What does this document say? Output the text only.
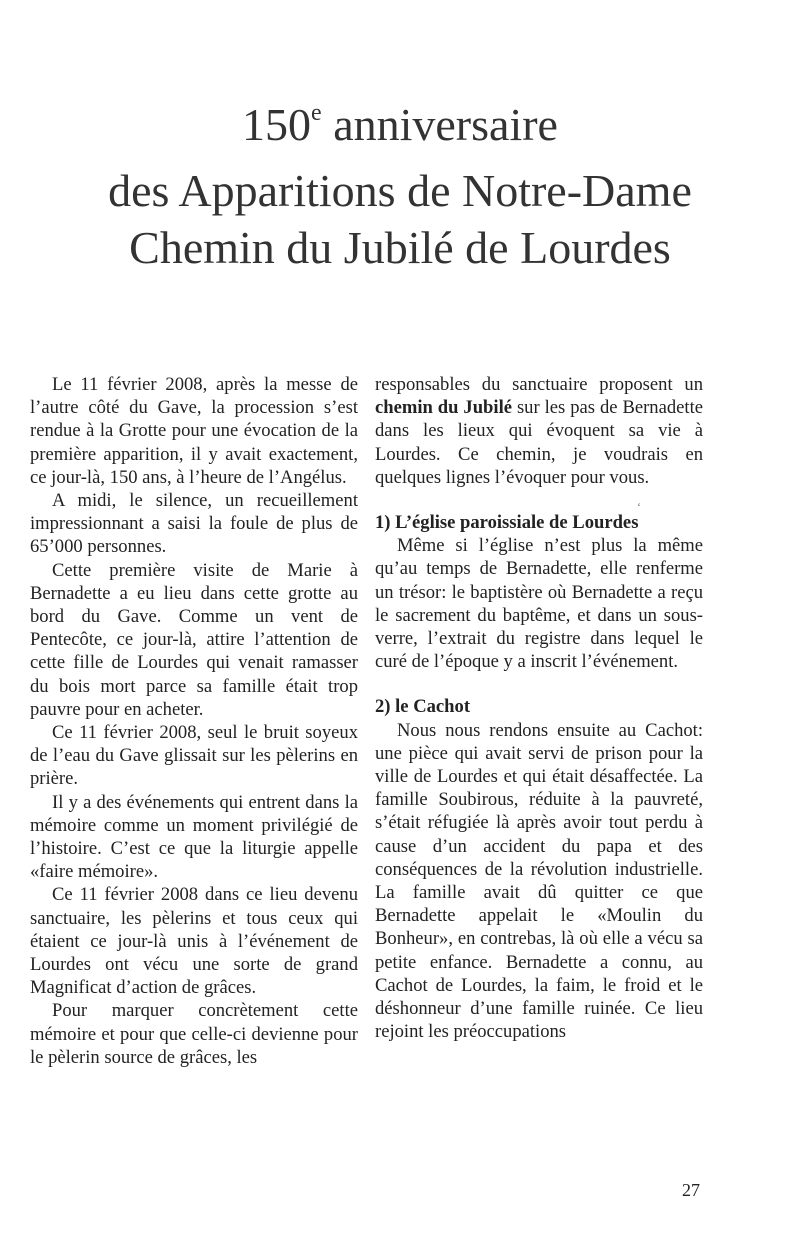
150e anniversaire
des Apparitions de Notre-Dame
Chemin du Jubilé de Lourdes

Le 11 février 2008, après la messe de l’autre côté du Gave, la procession s’est rendue à la Grotte pour une évocation de la première apparition, il y avait exactement, ce jour-là, 150 ans, à l’heure de l’Angélus.

A midi, le silence, un recueillement impressionnant a saisi la foule de plus de 65’000 personnes.

Cette première visite de Marie à Bernadette a eu lieu dans cette grotte au bord du Gave. Comme un vent de Pentecôte, ce jour-là, attire l’attention de cette fille de Lourdes qui venait ramasser du bois mort parce sa famille était trop pauvre pour en acheter.

Ce 11 février 2008, seul le bruit soyeux de l’eau du Gave glissait sur les pèlerins en prière.

Il y a des événements qui entrent dans la mémoire comme un moment privilégié de l’histoire. C’est ce que la liturgie appelle «faire mémoire».

Ce 11 février 2008 dans ce lieu devenu sanctuaire, les pèlerins et tous ceux qui étaient ce jour-là unis à l’événement de Lourdes ont vécu une sorte de grand Magnificat d’action de grâces.

Pour marquer concrètement cette mémoire et pour que celle-ci devienne pour le pèlerin source de grâces, les

responsables du sanctuaire proposent un chemin du Jubilé sur les pas de Bernadette dans les lieux qui évoquent sa vie à Lourdes. Ce chemin, je voudrais en quelques lignes l’évoquer pour vous.

1) L’église paroissiale de Lourdes

Même si l’église n’est plus la même qu’au temps de Bernadette, elle renferme un trésor: le baptistère où Bernadette a reçu le sacrement du baptême, et dans un sous-verre, l’extrait du registre dans lequel le curé de l’époque y a inscrit l’événement.

2) le Cachot

Nous nous rendons ensuite au Cachot: une pièce qui avait servi de prison pour la ville de Lourdes et qui était désaffectée. La famille Soubirous, réduite à la pauvreté, s’était réfugiée là après avoir tout perdu à cause d’un accident du papa et des conséquences de la révolution industrielle. La famille avait dû quitter ce que Bernadette appelait le «Moulin du Bonheur», en contrebas, là où elle a vécu sa petite enfance. Bernadette a connu, au Cachot de Lourdes, la faim, le froid et le déshonneur d’une famille ruinée. Ce lieu rejoint les préoccupations

‘
27
